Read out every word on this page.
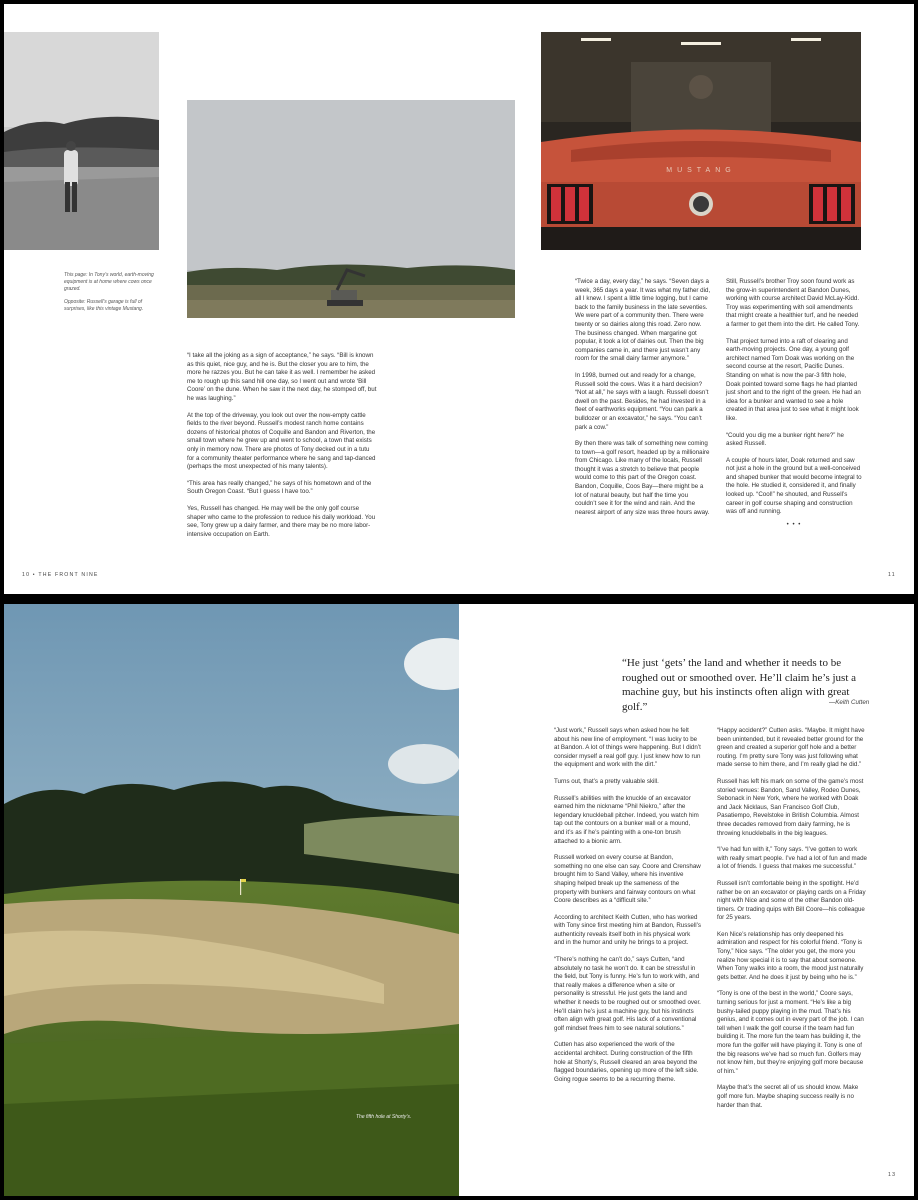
This page: In Tony’s world, earth-moving equipment is at home where cows once grazed.

Opposite: Russell’s garage is full of surprises, like this vintage Mustang.

MUSTANG

“I take all the joking as a sign of acceptance,” he says. “Bill is known as this quiet, nice guy, and he is. But the closer you are to him, the more he razzes you. But he can take it as well. I remember he asked me to rough up this sand hill one day, so I went out and wrote ‘Bill Coore’ on the dune. When he saw it the next day, he stomped off, but he was laughing.”

At the top of the driveway, you look out over the now-empty cattle fields to the river beyond. Russell’s modest ranch home contains dozens of historical photos of Coquille and Bandon and Riverton, the small town where he grew up and went to school, a town that exists only in memory now. There are photos of Tony decked out in a tutu for a community theater performance where he sang and tap-danced (perhaps the most unexpected of his many talents).

“This area has really changed,” he says of his hometown and of the South Oregon Coast. “But I guess I have too.”

Yes, Russell has changed. He may well be the only golf course shaper who came to the profession to reduce his daily workload. You see, Tony grew up a dairy farmer, and there may be no more labor-intensive occupation on Earth.

“Twice a day, every day,” he says. “Seven days a week, 365 days a year. It was what my father did, all I knew. I spent a little time logging, but I came back to the family business in the late seventies. We were part of a community then. There were twenty or so dairies along this road. Zero now. The business changed. When margarine got popular, it took a lot of dairies out. Then the big companies came in, and there just wasn’t any room for the small dairy farmer anymore.”

In 1998, burned out and ready for a change, Russell sold the cows. Was it a hard decision? “Not at all,” he says with a laugh. Russell doesn’t dwell on the past. Besides, he had invested in a fleet of earthworks equipment. “You can park a bulldozer or an excavator,” he says. “You can’t park a cow.”

By then there was talk of something new coming to town—a golf resort, headed up by a millionaire from Chicago. Like many of the locals, Russell thought it was a stretch to believe that people would come to this part of the Oregon coast. Bandon, Coquille, Coos Bay—there might be a lot of natural beauty, but half the time you couldn’t see it for the wind and rain. And the nearest airport of any size was three hours away.

Still, Russell’s brother Troy soon found work as the grow-in superintendent at Bandon Dunes, working with course architect David McLay-Kidd. Troy was experimenting with soil amendments that might create a healthier turf, and he needed a farmer to get them into the dirt. He called Tony.

That project turned into a raft of clearing and earth-moving projects. One day, a young golf architect named Tom Doak was working on the second course at the resort, Pacific Dunes. Standing on what is now the par-3 fifth hole, Doak pointed toward some flags he had planted just short and to the right of the green. He had an idea for a bunker and wanted to see a hole created in that area just to see what it might look like.

“Could you dig me a bunker right here?” he asked Russell.

A couple of hours later, Doak returned and saw not just a hole in the ground but a well-conceived and shaped bunker that would become integral to the hole. He studied it, considered it, and finally looked up. “Cool!” he shouted, and Russell’s career in golf course shaping and construction was off and running.

• • •
10 • THE FRONT NINE	11
The fifth hole at Shorty’s.
“He just ‘gets’ the land and whether it needs to be roughed out or smoothed over. He’ll claim he’s just a machine guy, but his instincts often align with great golf.”	—Keith Cutten

“Just work,” Russell says when asked how he felt about his new line of employment. “I was lucky to be at Bandon. A lot of things were happening. But I didn’t consider myself a real golf guy. I just knew how to run the equipment and work with the dirt.”

Turns out, that’s a pretty valuable skill.

Russell’s abilities with the knuckle of an excavator earned him the nickname “Phil Niekro,” after the legendary knuckleball pitcher. Indeed, you watch him tap out the contours on a bunker wall or a mound, and it’s as if he’s painting with a one-ton brush attached to a bionic arm.

Russell worked on every course at Bandon, something no one else can say. Coore and Crenshaw brought him to Sand Valley, where his inventive shaping helped break up the sameness of the property with bunkers and fairway contours on what Coore describes as a “difficult site.”

According to architect Keith Cutten, who has worked with Tony since first meeting him at Bandon, Russell’s authenticity reveals itself both in his physical work and in the humor and unity he brings to a project.

“There’s nothing he can’t do,” says Cutten, “and absolutely no task he won’t do. It can be stressful in the field, but Tony is funny. He’s fun to work with, and that really makes a difference when a site or personality is stressful. He just gets the land and whether it needs to be roughed out or smoothed over. He’ll claim he’s just a machine guy, but his instincts often align with great golf. His lack of a conventional golf mindset frees him to see natural solutions.”

Cutten has also experienced the work of the accidental architect. During construction of the fifth hole at Shorty’s, Russell cleared an area beyond the flagged boundaries, opening up more of the left side. Going rogue seems to be a recurring theme.

“Happy accident?” Cutten asks. “Maybe. It might have been unintended, but it revealed better ground for the green and created a superior golf hole and a better routing. I’m pretty sure Tony was just following what made sense to him there, and I’m really glad he did.”

Russell has left his mark on some of the game’s most storied venues: Bandon, Sand Valley, Rodeo Dunes, Sebonack in New York, where he worked with Doak and Jack Nicklaus, San Francisco Golf Club, Pasatiempo, Revelstoke in British Columbia. Almost three decades removed from dairy farming, he is throwing knuckleballs in the big leagues.

“I’ve had fun with it,” Tony says. “I’ve gotten to work with really smart people. I’ve had a lot of fun and made a lot of friends. I guess that makes me successful.”

Russell isn’t comfortable being in the spotlight. He’d rather be on an excavator or playing cards on a Friday night with Nice and some of the other Bandon old-timers. Or trading quips with Bill Coore—his colleague for 25 years.

Ken Nice’s relationship has only deepened his admiration and respect for his colorful friend. “Tony is Tony,” Nice says. “The older you get, the more you realize how special it is to say that about someone. When Tony walks into a room, the mood just naturally gets better. And he does it just by being who he is.”

“Tony is one of the best in the world,” Coore says, turning serious for just a moment. “He’s like a big bushy-tailed puppy playing in the mud. That’s his genius, and it comes out in every part of the job. I can tell when I walk the golf course if the team had fun building it. The more fun the team has building it, the more fun the golfer will have playing it. Tony is one of the big reasons we’ve had so much fun. Golfers may not know him, but they’re enjoying golf more because of him.”

Maybe that’s the secret all of us should know. Make golf more fun. Maybe shaping success really is no harder than that.

13
